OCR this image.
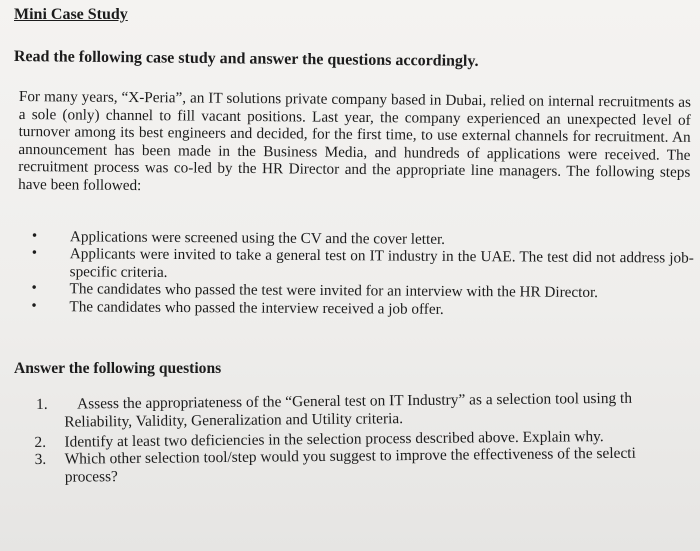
Mini Case Study
Read the following case study and answer the questions accordingly.
For many years, “X-Peria”, an IT solutions private company based in Dubai, relied on internal recruitments as a sole (only) channel to fill vacant positions. Last year, the company experienced an unexpected level of turnover among its best engineers and decided, for the first time, to use external channels for recruitment. An announcement has been made in the Business Media, and hundreds of applications were received. The recruitment process was co-led by the HR Director and the appropriate line managers. The following steps have been followed:
• Applications were screened using the CV and the cover letter.
• Applicants were invited to take a general test on IT industry in the UAE. The test did not address job-specific criteria.
• The candidates who passed the test were invited for an interview with the HR Director.
• The candidates who passed the interview received a job offer.
Answer the following questions
1.	Assess the appropriateness of the “General test on IT Industry” as a selection tool using th
Reliability, Validity, Generalization and Utility criteria.
2. Identify at least two deficiencies in the selection process described above. Explain why.
3. Which other selection tool/step would you suggest to improve the effectiveness of the selecti
process?
